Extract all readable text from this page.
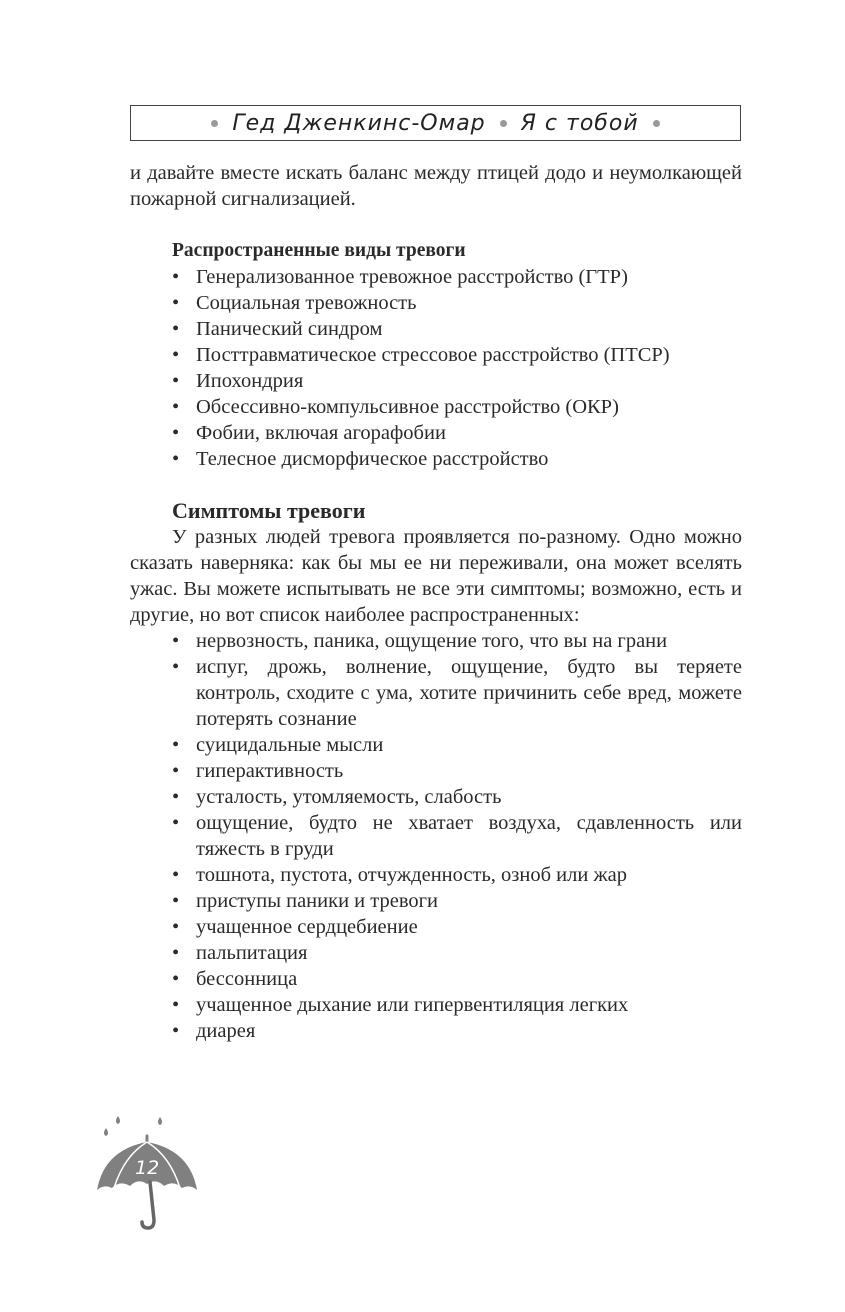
Гед Дженкинс-Омар Я с тобой

и давайте вместе искать баланс между птицей додо и неумолкающей пожарной сигнализацией.

Распространенные виды тревоги
• Генерализованное тревожное расстройство (ГТР)
• Социальная тревожность
• Панический синдром
• Посттравматическое стрессовое расстройство (ПТСР)
• Ипохондрия
• Обсессивно-компульсивное расстройство (ОКР)
• Фобии, включая агорафобии
• Телесное дисморфическое расстройство
Симптомы тревоги

У разных людей тревога проявляется по-разному. Одно можно сказать наверняка: как бы мы ее ни переживали, она может вселять ужас. Вы можете испытывать не все эти симптомы; возможно, есть и другие, но вот список наиболее распространенных:

• нервозность, паника, ощущение того, что вы на грани
• испуг, дрожь, волнение, ощущение, будто вы теряете контроль, сходите с ума, хотите причинить себе вред, можете потерять сознание
• суицидальные мысли
• гиперактивность
• усталость, утомляемость, слабость
• ощущение, будто не хватает воздуха, сдавленность или тяжесть в груди
• тошнота, пустота, отчужденность, озноб или жар
• приступы паники и тревоги
• учащенное сердцебиение
• пальпитация
• бессонница
• учащенное дыхание или гипервентиляция легких
• диарея
12
